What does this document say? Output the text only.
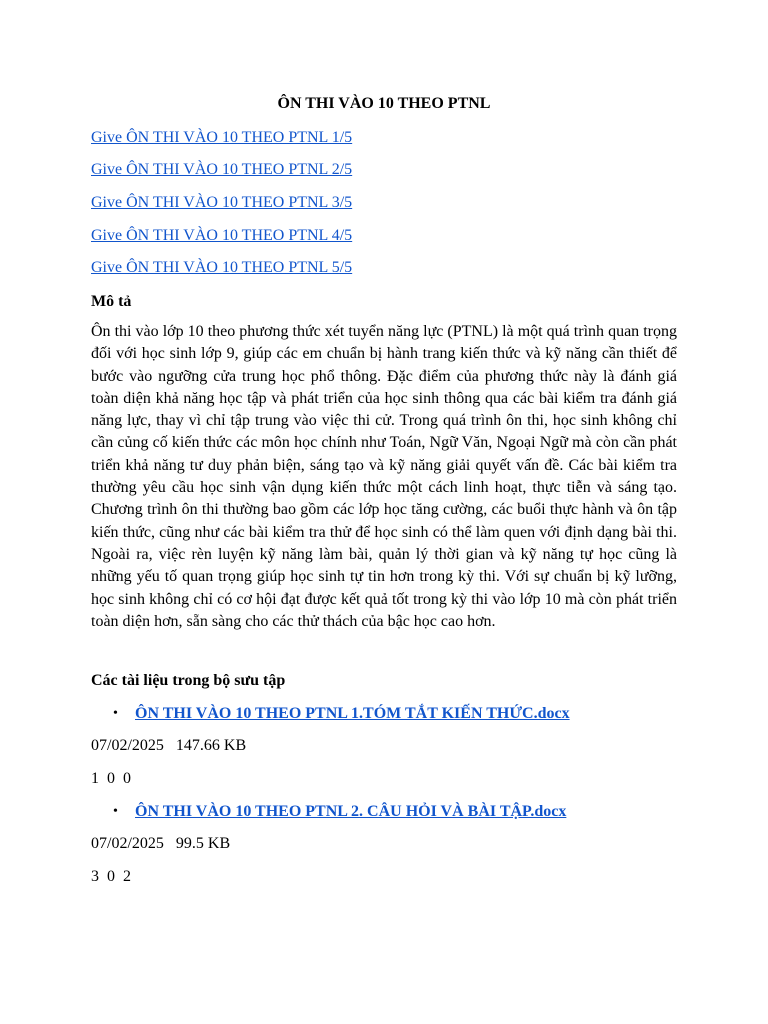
ÔN THI VÀO 10 THEO PTNL
Give ÔN THI VÀO 10 THEO PTNL 1/5
Give ÔN THI VÀO 10 THEO PTNL 2/5
Give ÔN THI VÀO 10 THEO PTNL 3/5
Give ÔN THI VÀO 10 THEO PTNL 4/5
Give ÔN THI VÀO 10 THEO PTNL 5/5
Mô tả

Ôn thi vào lớp 10 theo phương thức xét tuyển năng lực (PTNL) là một quá trình quan trọng đối với học sinh lớp 9, giúp các em chuẩn bị hành trang kiến thức và kỹ năng cần thiết để bước vào ngưỡng cửa trung học phổ thông. Đặc điểm của phương thức này là đánh giá toàn diện khả năng học tập và phát triển của học sinh thông qua các bài kiểm tra đánh giá năng lực, thay vì chỉ tập trung vào việc thi cử. Trong quá trình ôn thi, học sinh không chỉ cần củng cố kiến thức các môn học chính như Toán, Ngữ Văn, Ngoại Ngữ mà còn cần phát triển khả năng tư duy phản biện, sáng tạo và kỹ năng giải quyết vấn đề. Các bài kiểm tra thường yêu cầu học sinh vận dụng kiến thức một cách linh hoạt, thực tiễn và sáng tạo. Chương trình ôn thi thường bao gồm các lớp học tăng cường, các buổi thực hành và ôn tập kiến thức, cũng như các bài kiểm tra thử để học sinh có thể làm quen với định dạng bài thi. Ngoài ra, việc rèn luyện kỹ năng làm bài, quản lý thời gian và kỹ năng tự học cũng là những yếu tố quan trọng giúp học sinh tự tin hơn trong kỳ thi. Với sự chuẩn bị kỹ lưỡng, học sinh không chỉ có cơ hội đạt được kết quả tốt trong kỳ thi vào lớp 10 mà còn phát triển toàn diện hơn, sẵn sàng cho các thử thách của bậc học cao hơn.

Các tài liệu trong bộ sưu tập
• ÔN THI VÀO 10 THEO PTNL 1.TÓM TẮT KIẾN THỨC.docx
07/02/2025   147.66 KB
1  0  0
• ÔN THI VÀO 10 THEO PTNL 2. CÂU HỎI VÀ BÀI TẬP.docx
07/02/2025   99.5 KB
3  0  2
